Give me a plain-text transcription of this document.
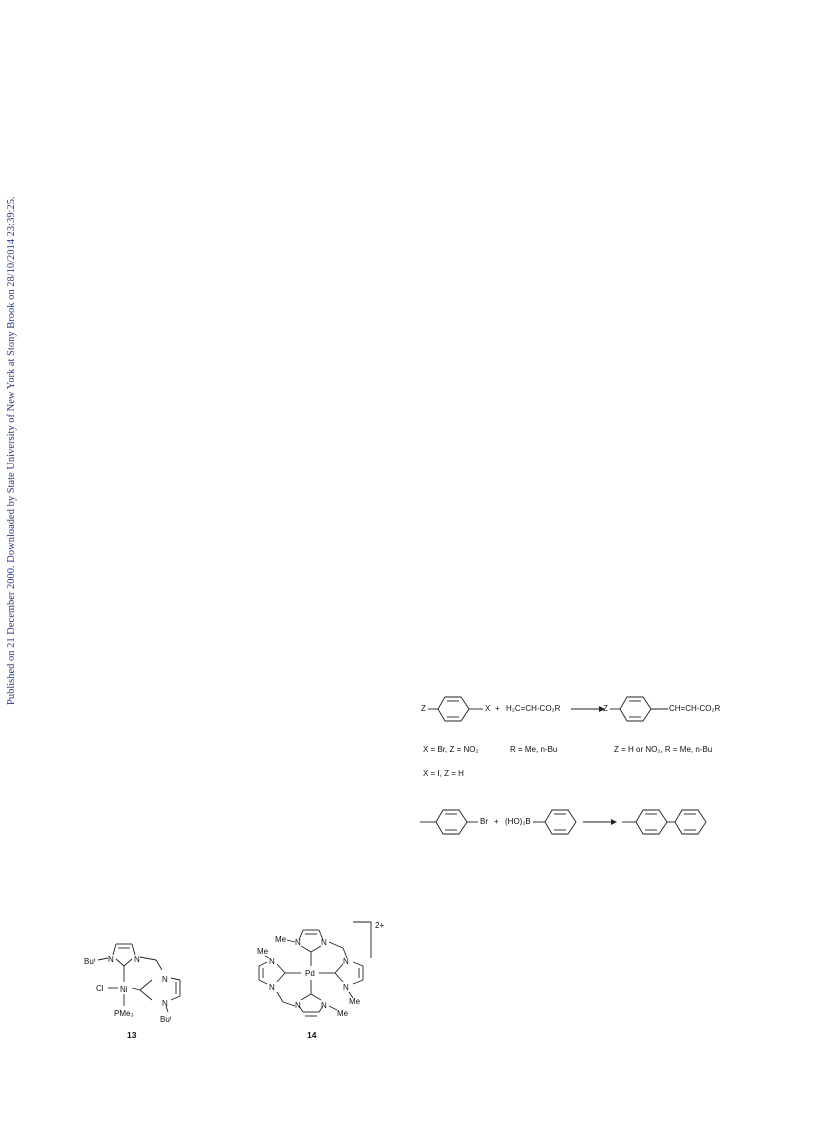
Published on 21 December 2000. Downloaded by State University of New York at Stony Brook on 28/10/2014 23:39:25.
Z	X + H₂C=CH-CO₂R	Z	CH=CH-CO₂R
X = Br, Z = NO₂	R = Me, n-Bu	Z = H or NO₂, R = Me, n-Bu
X = I, Z = H
Br + (HO)₂B
N	N
N
N
Buᵗ
Buᵗ
Cl Ni
PMe₃
13
2+
Pd
N	N
Me
N
N
Me
N
N
Me
N	N
Me
14
